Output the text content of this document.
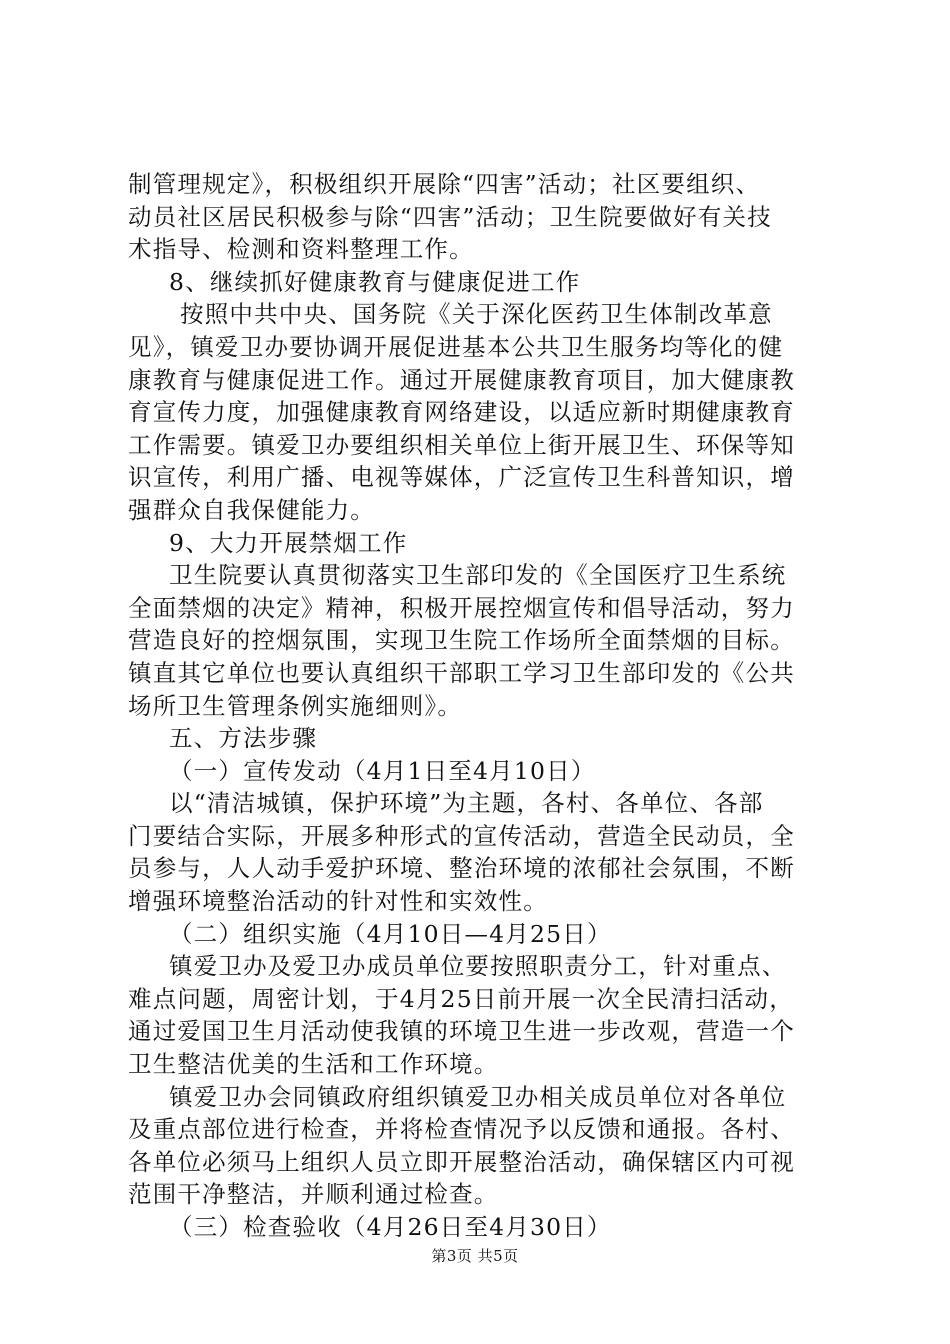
制管理规定》，积极组织开展除“四害”活动；社区要组织、
动员社区居民积极参与除“四害”活动；卫生院要做好有关技
术指导、检测和资料整理工作。
8、继续抓好健康教育与健康促进工作
按照中共中央、国务院《关于深化医药卫生体制改革意
见》，镇爱卫办要协调开展促进基本公共卫生服务均等化的健
康教育与健康促进工作。通过开展健康教育项目，加大健康教
育宣传力度，加强健康教育网络建设，以适应新时期健康教育
工作需要。镇爱卫办要组织相关单位上街开展卫生、环保等知
识宣传，利用广播、电视等媒体，广泛宣传卫生科普知识，增
强群众自我保健能力。
9、大力开展禁烟工作
卫生院要认真贯彻落实卫生部印发的《全国医疗卫生系统
全面禁烟的决定》精神，积极开展控烟宣传和倡导活动，努力
营造良好的控烟氛围，实现卫生院工作场所全面禁烟的目标。
镇直其它单位也要认真组织干部职工学习卫生部印发的《公共
场所卫生管理条例实施细则》。
五、方法步骤
（一）宣传发动（4月1日至4月10日）
以“清洁城镇，保护环境”为主题，各村、各单位、各部
门要结合实际，开展多种形式的宣传活动，营造全民动员，全
员参与，人人动手爱护环境、整治环境的浓郁社会氛围，不断
增强环境整治活动的针对性和实效性。
（二）组织实施（4月10日—4月25日）
镇爱卫办及爱卫办成员单位要按照职责分工，针对重点、
难点问题，周密计划，于4月25日前开展一次全民清扫活动，
通过爱国卫生月活动使我镇的环境卫生进一步改观，营造一个
卫生整洁优美的生活和工作环境。
镇爱卫办会同镇政府组织镇爱卫办相关成员单位对各单位
及重点部位进行检查，并将检查情况予以反馈和通报。各村、
各单位必须马上组织人员立即开展整治活动，确保辖区内可视
范围干净整洁，并顺利通过检查。
（三）检查验收（4月26日至4月30日）
第3页 共5页
